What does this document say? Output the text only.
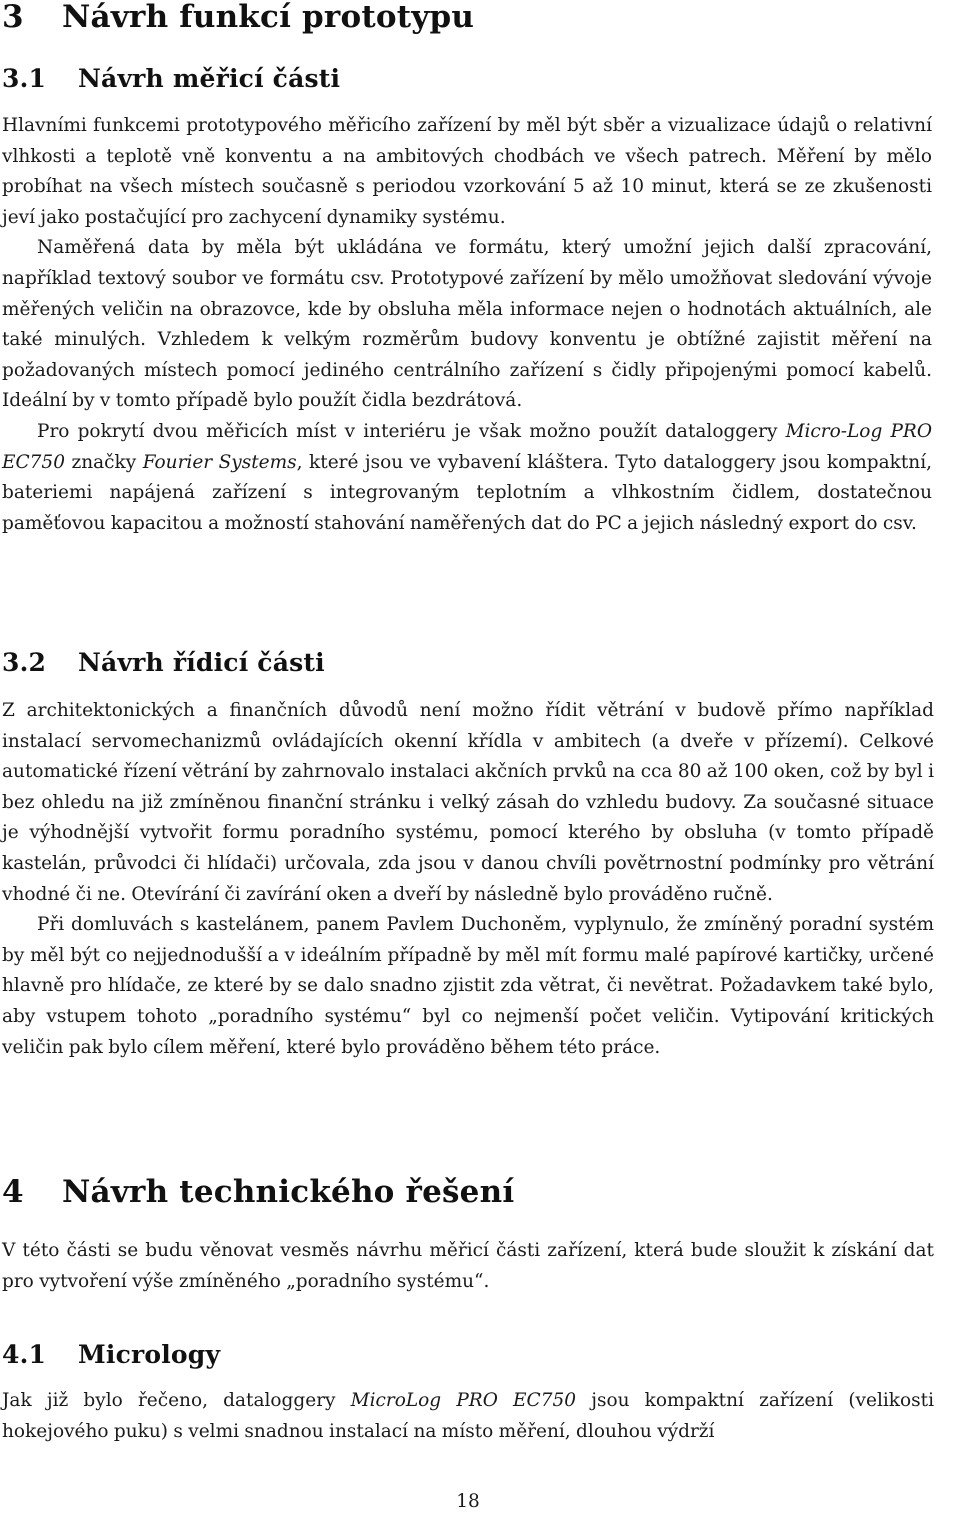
3 Návrh funkcí prototypu
3.1 Návrh měřicí části

Hlavními funkcemi prototypového měřicího zařízení by měl být sběr a vizualizace údajů o relativní vlhkosti a teplotě vně konventu a na ambitových chodbách ve všech patrech. Měření by mělo probíhat na všech místech současně s periodou vzorkování 5 až 10 minut, která se ze zkušenosti jeví jako postačující pro zachycení dynamiky systému.

Naměřená data by měla být ukládána ve formátu, který umožní jejich další zpracování, například textový soubor ve formátu csv. Prototypové zařízení by mělo umožňovat sledování vývoje měřených veličin na obrazovce, kde by obsluha měla informace nejen o hodnotách aktuálních, ale také minulých. Vzhledem k velkým rozměrům budovy konventu je obtížné zajistit měření na požadovaných místech pomocí jediného centrálního zařízení s čidly připojenými pomocí kabelů. Ideální by v tomto případě bylo použít čidla bezdrátová.

Pro pokrytí dvou měřicích míst v interiéru je však možno použít dataloggery Micro-Log PRO EC750 značky Fourier Systems, které jsou ve vybavení kláštera. Tyto dataloggery jsou kompaktní, bateriemi napájená zařízení s integrovaným teplotním a vlhkostním čidlem, dostatečnou paměťovou kapacitou a možností stahování naměřených dat do PC a jejich následný export do csv.

3.2 Návrh řídicí části

Z architektonických a finančních důvodů není možno řídit větrání v budově přímo například instalací servomechanizmů ovládajících okenní křídla v ambitech (a dveře v přízemí). Celkové automatické řízení větrání by zahrnovalo instalaci akčních prvků na cca 80 až 100 oken, což by byl i bez ohledu na již zmíněnou finanční stránku i velký zásah do vzhledu budovy. Za současné situace je výhodnější vytvořit formu poradního systému, pomocí kterého by obsluha (v tomto případě kastelán, průvodci či hlídači) určovala, zda jsou v danou chvíli povětrnostní podmínky pro větrání vhodné či ne. Otevírání či zavírání oken a dveří by následně bylo prováděno ručně.

Při domluvách s kastelánem, panem Pavlem Duchoněm, vyplynulo, že zmíněný poradní systém by měl být co nejjednodušší a v ideálním případně by měl mít formu malé papírové kartičky, určené hlavně pro hlídače, ze které by se dalo snadno zjistit zda větrat, či nevětrat. Požadavkem také bylo, aby vstupem tohoto „poradního systému“ byl co nejmenší počet veličin. Vytipování kritických veličin pak bylo cílem měření, které bylo prováděno během této práce.

4 Návrh technického řešení

V této části se budu věnovat vesměs návrhu měřicí části zařízení, která bude sloužit k získání dat pro vytvoření výše zmíněného „poradního systému“.

4.1 Micrology

Jak již bylo řečeno, dataloggery MicroLog PRO EC750 jsou kompaktní zařízení (velikosti hokejového puku) s velmi snadnou instalací na místo měření, dlouhou výdrží

18
